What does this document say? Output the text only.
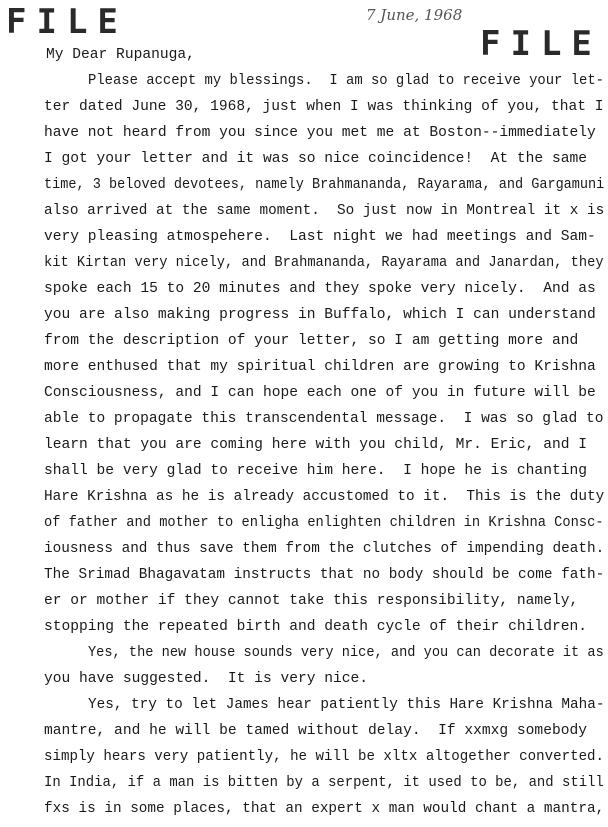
FILE	7 June, 1968
FILE
My Dear Rupanuga,
Please accept my blessings.  I am so glad to receive your let-
ter dated June 30, 1968, just when I was thinking of you, that I
have not heard from you since you met me at Boston--immediately
I got your letter and it was so nice coincidence!  At the same
time, 3 beloved devotees, namely Brahmananda, Rayarama, and Gargamuni
also arrived at the same moment.  So just now in Montreal it x is
very pleasing atmospehere.  Last night we had meetings and Sam-
kit Kirtan very nicely, and Brahmananda, Rayarama and Janardan, they
spoke each 15 to 20 minutes and they spoke very nicely.  And as
you are also making progress in Buffalo, which I can understand
from the description of your letter, so I am getting more and
more enthused that my spiritual children are growing to Krishna
Consciousness, and I can hope each one of you in future will be
able to propagate this transcendental message.  I was so glad to
learn that you are coming here with you child, Mr. Eric, and I
shall be very glad to receive him here.  I hope he is chanting
Hare Krishna as he is already accustomed to it.  This is the duty
of father and mother to enligha enlighten children in Krishna Consc-
iousness and thus save them from the clutches of impending death.
The Srimad Bhagavatam instructs that no body should be come fath-
er or mother if they cannot take this responsibility, namely,
stopping the repeated birth and death cycle of their children.
Yes, the new house sounds very nice, and you can decorate it as
you have suggested.  It is very nice.
Yes, try to let James hear patiently this Hare Krishna Maha-
mantre, and he will be tamed without delay.  If xxmxg somebody
simply hears very patiently, he will be xltx altogether converted.
In India, if a man is bitten by a serpent, it used to be, and still
fxs is in some places, that an expert x man would chant a mantra,
